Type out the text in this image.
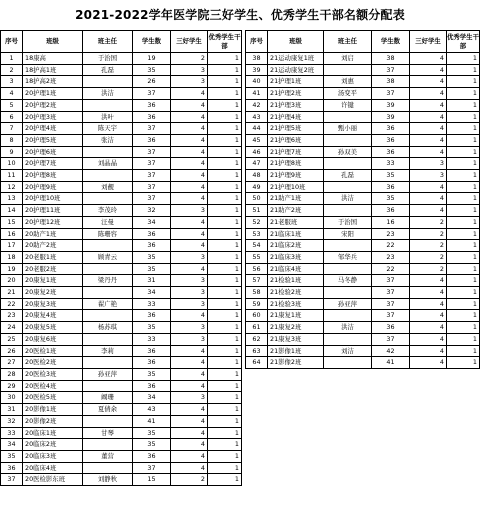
2021-2022学年医学院三好学生、优秀学生干部名额分配表
序号	班级	班主任	学生数	三好学生	优秀学生干部
1	18康高	于治国	19	2	1
2	18护高1班	孔磊	35	3	1
3	18护高2班		26	3	1
4	20护理1班	洪洁	37	4	1
5	20护理2班		36	4	1
6	20护理3班	洪叶	36	4	1
7	20护理4班	陈天宇	37	4	1
8	20护理5班	张洁	36	4	1
9	20护理6班		37	4	1
10	20护理7班	刘晶晶	37	4	1
11	20护理8班		37	4	1
12	20护理9班	刘靓	37	4	1
13	20护理10班		37	4	1
14	20护理11班	李茂玲	32	3	1
15	20护理12班	汪曼	34	4	1
16	20助产1班	陈珊容	36	4	1
17	20助产2班		36	4	1
18	20老服1班	顾青云	35	3	1
19	20老服2班		35	4	1
20	20康复1班	梁丹丹	31	3	1
21	20康复2班		34	3	1
22	20康复3班	翟广艳	33	3	1
23	20康复4班		36	4	1
24	20康复5班	杨苏琪	35	3	1
25	20康复6班		33	3	1
26	20医检1班	李莉	36	4	1
27	20医检2班		36	4	1
28	20医检3班	孙亚萍	35	4	1
29	20医检4班		36	4	1
30	20医检5班	阚珊	34	3	1
31	20影像1班	夏倩余	43	4	1
32	20影像2班		41	4	1
33	20临床1班	甘琴	35	4	1
34	20临床2班		35	4	1
35	20临床3班	董营	36	4	1
36	20临床4班		37	4	1
37	20医检影东班	刘静秋	15	2	1
序号	班级	班主任	学生数	三好学生	优秀学生干部
38	21运动康复1班	刘启	38	4	1
39	21运动康复2班		37	4	1
40	21护理1班	刘惠	38	4	1
41	21护理2班	汤变平	37	4	1
42	21护理3班	许键	39	4	1
43	21护理4班		39	4	1
44	21护理5班	甄小丽	36	4	1
45	21护理6班		36	4	1
46	21护理7班	孙双美	36	4	1
47	21护理8班		33	3	1
48	21护理9班	孔磊	35	3	1
49	21护理10班		36	4	1
50	21助产1班	洪洁	35	4	1
51	21助产2班		36	4	1
52	21老服班	于治国	16	2	1
53	21临床1班	宋阳	23	2	1
54	21临床2班		22	2	1
55	21临床3班	邹华兵	23	2	1
56	21临床4班		22	2	1
57	21检验1班	马冬静	37	4	1
58	21检验2班		37	4	1
59	21检验3班	孙亚萍	37	4	1
60	21康复1班		37	4	1
61	21康复2班	洪洁	36	4	1
62	21康复3班		37	4	1
63	21影像1班	刘洁	42	4	1
64	21影像2班		41	4	1
